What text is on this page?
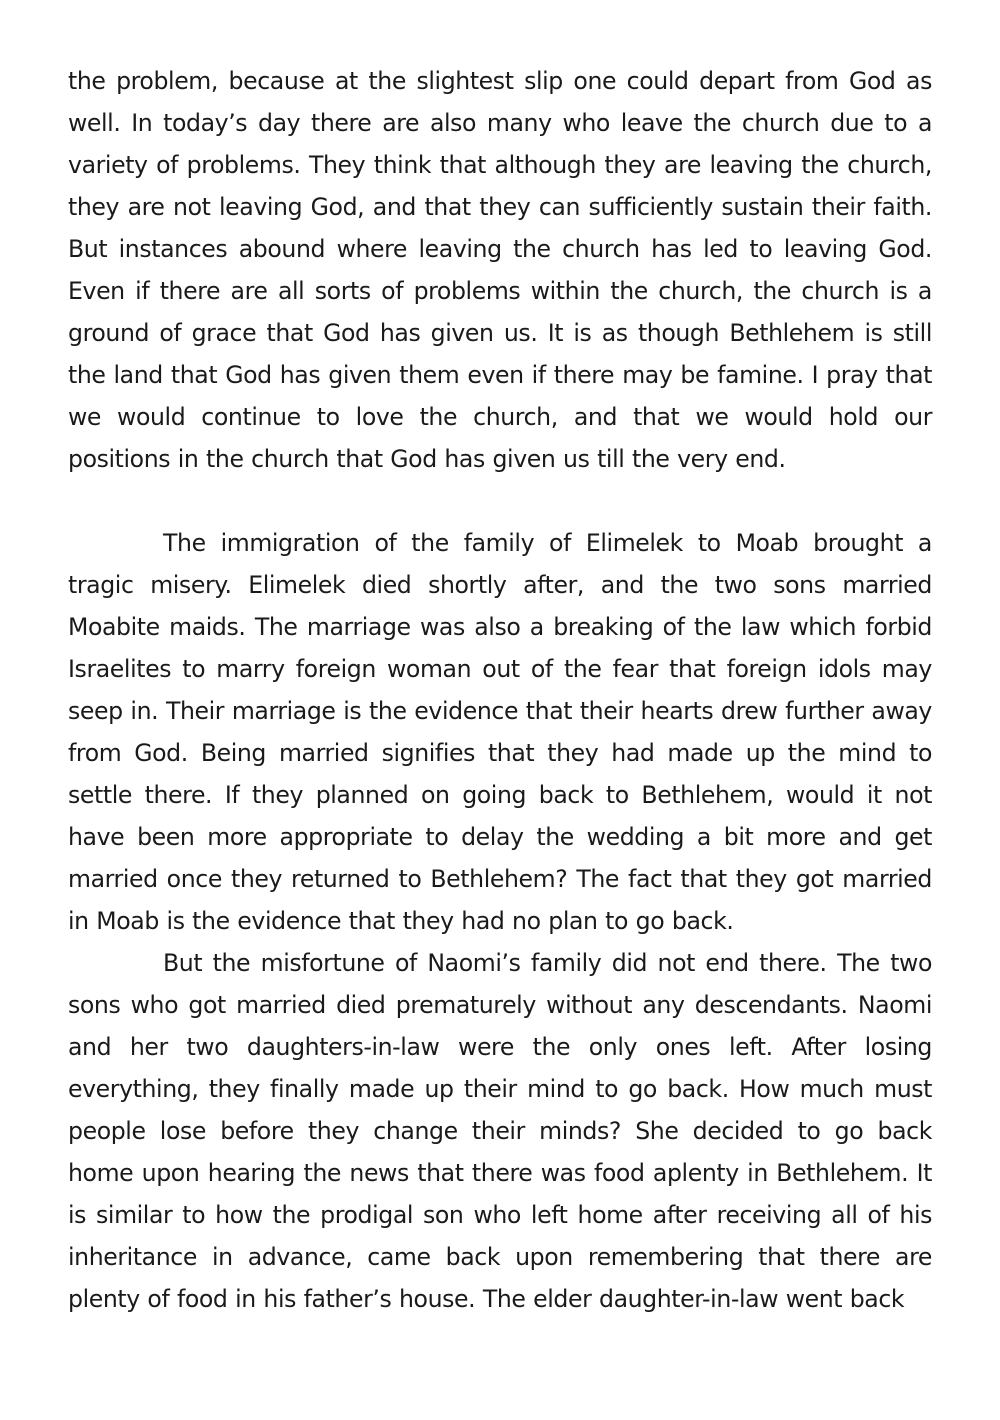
the problem, because at the slightest slip one could depart from God as well. In today’s day there are also many who leave the church due to a variety of problems. They think that although they are leaving the church, they are not leaving God, and that they can sufficiently sustain their faith. But instances abound where leaving the church has led to leaving God. Even if there are all sorts of problems within the church, the church is a ground of grace that God has given us. It is as though Bethlehem is still the land that God has given them even if there may be famine. I pray that we would continue to love the church, and that we would hold our positions in the church that God has given us till the very end.

The immigration of the family of Elimelek to Moab brought a tragic misery. Elimelek died shortly after, and the two sons married Moabite maids. The marriage was also a breaking of the law which forbid Israelites to marry foreign woman out of the fear that foreign idols may seep in. Their marriage is the evidence that their hearts drew further away from God. Being married signifies that they had made up the mind to settle there. If they planned on going back to Bethlehem, would it not have been more appropriate to delay the wedding a bit more and get married once they returned to Bethlehem? The fact that they got married in Moab is the evidence that they had no plan to go back.

But the misfortune of Naomi’s family did not end there. The two sons who got married died prematurely without any descendants. Naomi and her two daughters-in-law were the only ones left. After losing everything, they finally made up their mind to go back. How much must people lose before they change their minds? She decided to go back home upon hearing the news that there was food aplenty in Bethlehem. It is similar to how the prodigal son who left home after receiving all of his inheritance in advance, came back upon remembering that there are plenty of food in his father’s house. The elder daughter-in-law went back
